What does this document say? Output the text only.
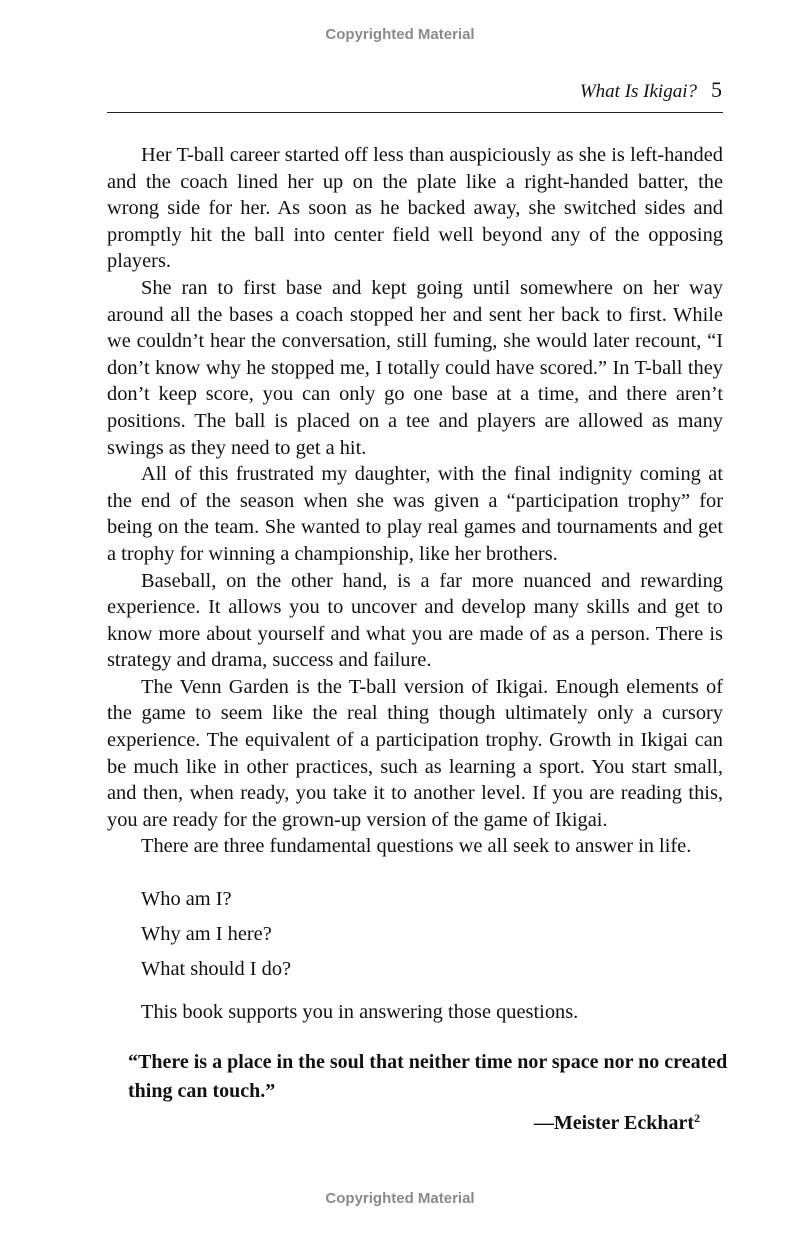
Copyrighted Material
What Is Ikigai? 5

Her T-ball career started off less than auspiciously as she is left-handed and the coach lined her up on the plate like a right-handed batter, the wrong side for her. As soon as he backed away, she switched sides and promptly hit the ball into center field well beyond any of the opposing players.

She ran to first base and kept going until somewhere on her way around all the bases a coach stopped her and sent her back to first. While we couldn’t hear the conversation, still fuming, she would later recount, “I don’t know why he stopped me, I totally could have scored.” In T-ball they don’t keep score, you can only go one base at a time, and there aren’t positions. The ball is placed on a tee and players are allowed as many swings as they need to get a hit.

All of this frustrated my daughter, with the final indignity coming at the end of the season when she was given a “participation trophy” for being on the team. She wanted to play real games and tournaments and get a trophy for winning a championship, like her brothers.

Baseball, on the other hand, is a far more nuanced and rewarding experience. It allows you to uncover and develop many skills and get to know more about yourself and what you are made of as a person. There is strategy and drama, success and failure.

The Venn Garden is the T-ball version of Ikigai. Enough elements of the game to seem like the real thing though ultimately only a cursory experience. The equivalent of a participation trophy. Growth in Ikigai can be much like in other practices, such as learning a sport. You start small, and then, when ready, you take it to another level. If you are reading this, you are ready for the grown-up version of the game of Ikigai.

There are three fundamental questions we all seek to answer in life.

Who am I?
Why am I here?
What should I do?
This book supports you in answering those questions.
“There is a place in the soul that neither time nor space nor no created thing can touch.”
—Meister Eckhart$^2$
Copyrighted Material
